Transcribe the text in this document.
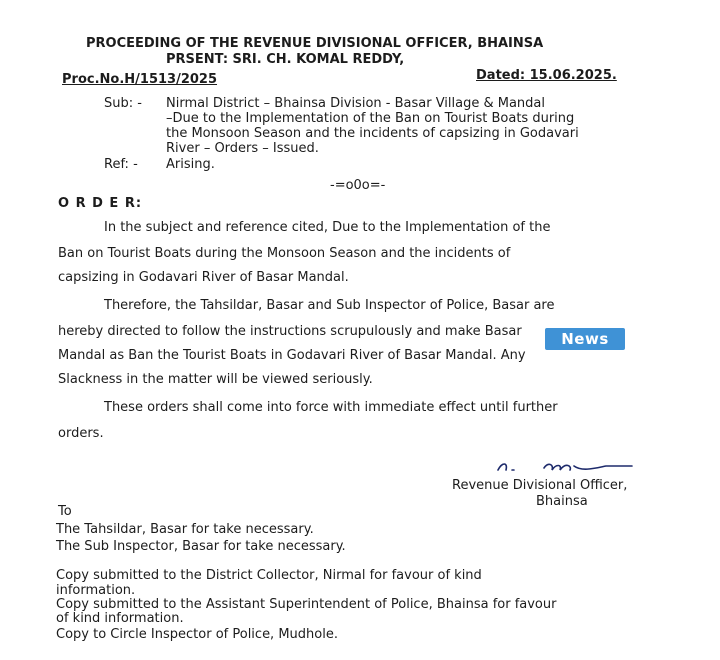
PROCEEDING OF THE REVENUE DIVISIONAL OFFICER, BHAINSA
PRSENT: SRI. CH. KOMAL REDDY,
Proc.No.H/1513/2025	Dated: 15.06.2025.
Sub: - Nirmal District – Bhainsa Division - Basar Village & Mandal
–Due to the Implementation of the Ban on Tourist Boats during
the Monsoon Season and the incidents of capsizing in Godavari
River – Orders – Issued.
Ref: - Arising.
-=o0o=-
O R D E R:
In the subject and reference cited, Due to the Implementation of the
Ban on Tourist Boats during the Monsoon Season and the incidents of
capsizing in Godavari River of Basar Mandal.
Therefore, the Tahsildar, Basar and Sub Inspector of Police, Basar are
hereby directed to follow the instructions scrupulously and make Basar
Mandal as Ban the Tourist Boats in Godavari River of Basar Mandal. Any
Slackness in the matter will be viewed seriously.
News
These orders shall come into force with immediate effect until further
orders.
Revenue Divisional Officer,
Bhainsa
To
The Tahsildar, Basar for take necessary.
The Sub Inspector, Basar for take necessary.
Copy submitted to the District Collector, Nirmal for favour of kind
information.
Copy submitted to the Assistant Superintendent of Police, Bhainsa for favour
of kind information.
Copy to Circle Inspector of Police, Mudhole.
